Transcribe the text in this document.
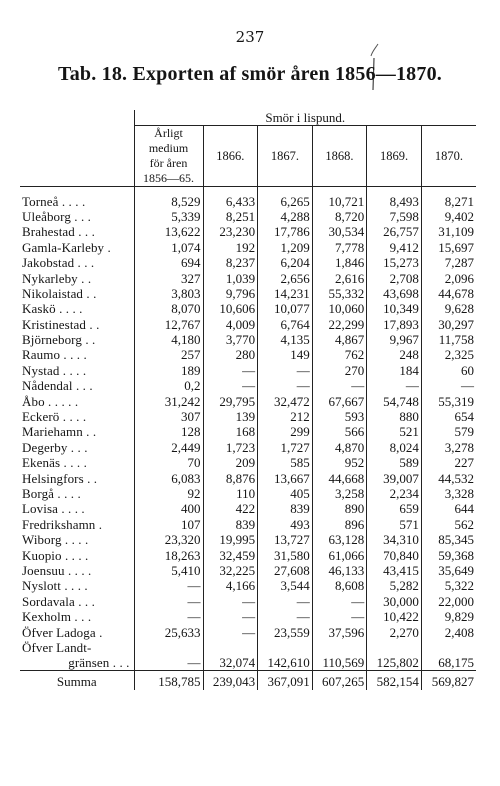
237
Tab. 18. Exporten af smör åren 1856—1870.
	Smör i lispund.					

	Årligt
medium
för åren
1856—65.	1866.	1867.	1868.	1869.	1870.
Torneå . . . .	8,529	6,433	6,265	10,721	8,493	8,271
Uleåborg . . .	5,339	8,251	4,288	8,720	7,598	9,402
Brahestad . . .	13,622	23,230	17,786	30,534	26,757	31,109
Gamla-Karleby .	1,074	192	1,209	7,778	9,412	15,697
Jakobstad . . .	694	8,237	6,204	1,846	15,273	7,287
Nykarleby . .	327	1,039	2,656	2,616	2,708	2,096
Nikolaistad . .	3,803	9,796	14,231	55,332	43,698	44,678
Kaskö . . . .	8,070	10,606	10,077	10,060	10,349	9,628
Kristinestad . .	12,767	4,009	6,764	22,299	17,893	30,297
Björneborg . .	4,180	3,770	4,135	4,867	9,967	11,758
Raumo . . . .	257	280	149	762	248	2,325
Nystad . . . .	189	—	—	270	184	60
Nådendal . . .	0,2	—	—	—	—	—
Åbo . . . . .	31,242	29,795	32,472	67,667	54,748	55,319
Eckerö . . . .	307	139	212	593	880	654
Mariehamn . .	128	168	299	566	521	579
Degerby . . .	2,449	1,723	1,727	4,870	8,024	3,278
Ekenäs . . . .	70	209	585	952	589	227
Helsingfors . .	6,083	8,876	13,667	44,668	39,007	44,532
Borgå . . . .	92	110	405	3,258	2,234	3,328
Lovisa . . . .	400	422	839	890	659	644
Fredrikshamn .	107	839	493	896	571	562
Wiborg . . . .	23,320	19,995	13,727	63,128	34,310	85,345
Kuopio . . . .	18,263	32,459	31,580	61,066	70,840	59,368
Joensuu . . . .	5,410	32,225	27,608	46,133	43,415	35,649
Nyslott . . . .	—	4,166	3,544	8,608	5,282	5,322
Sordavala . . .	—	—	—	—	30,000	22,000
Kexholm . . .	—	—	—	—	10,422	9,829
Öfver Ladoga .	25,633	—	23,559	37,596	2,270	2,408

Öfver Landt-
gränsen . . .	—	32,074	142,610	110,569	125,802	68,175
Summa	158,785	239,043	367,091	607,265	582,154	569,827
